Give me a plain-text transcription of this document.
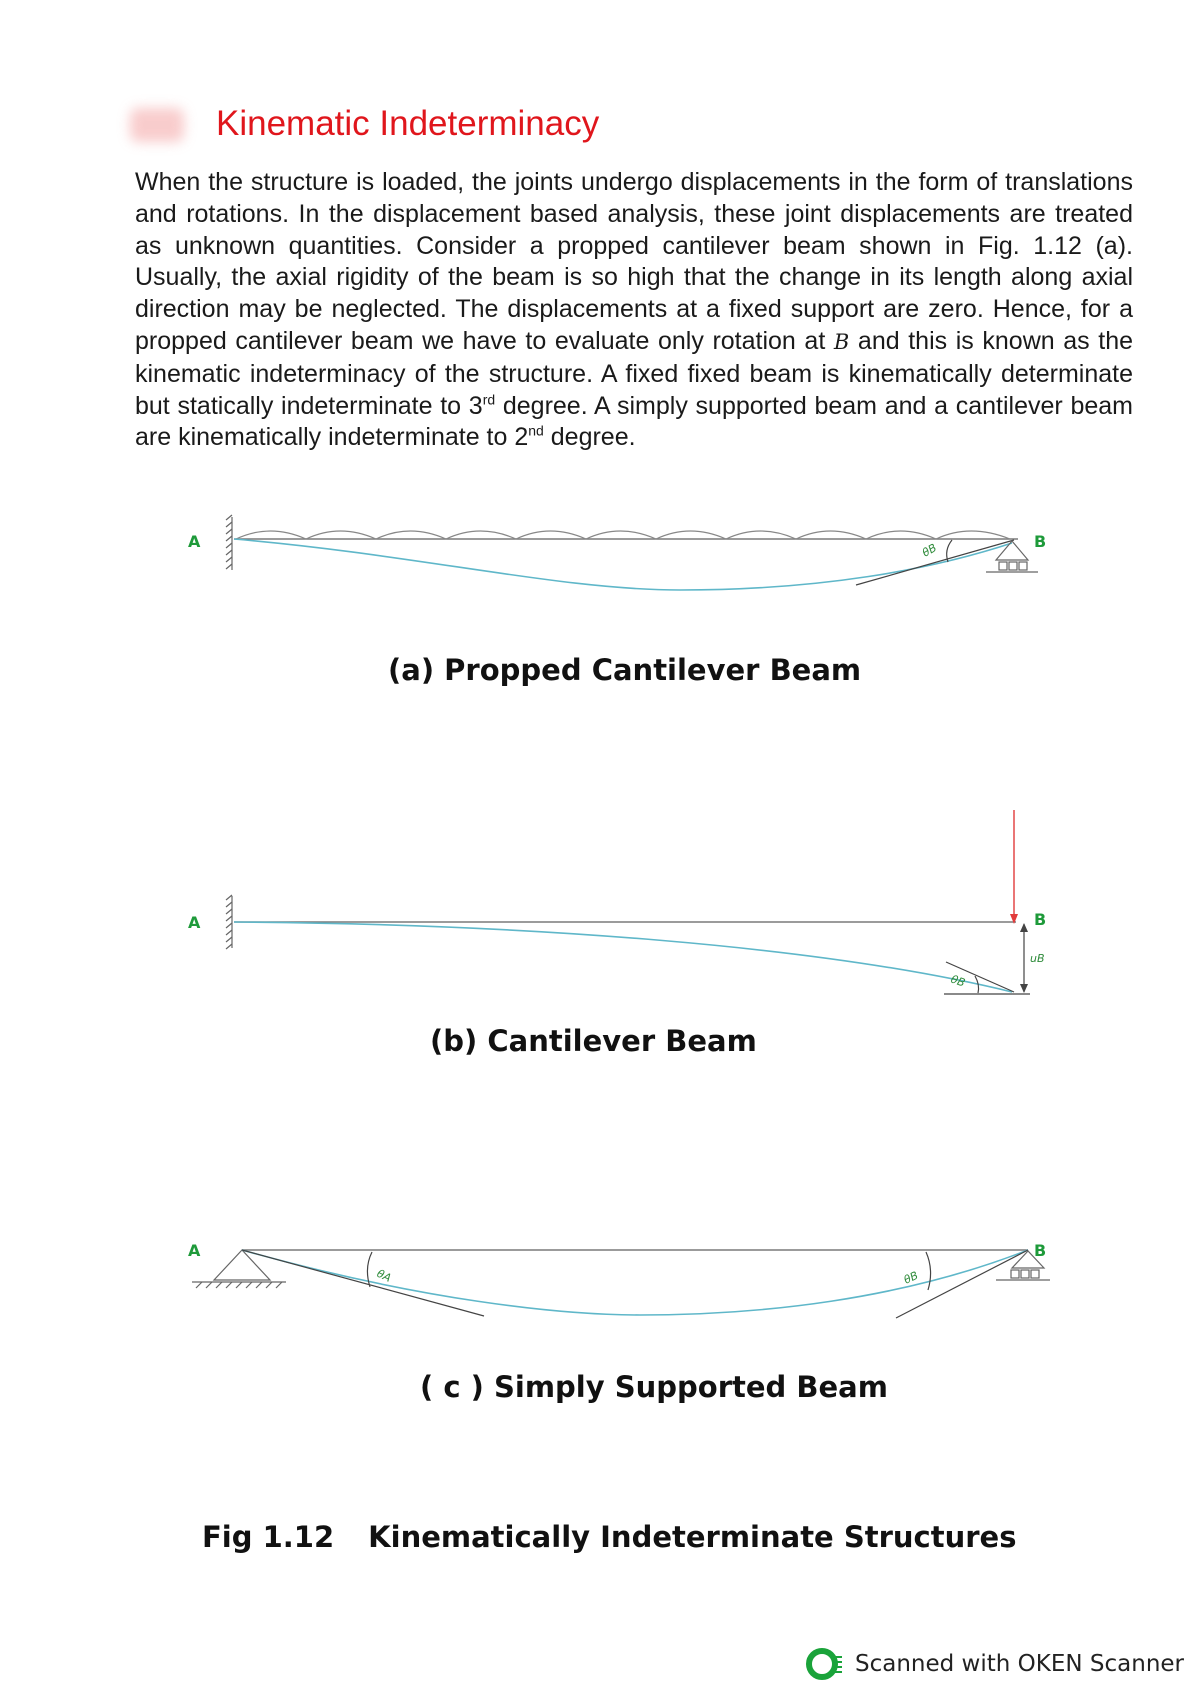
Kinematic Indeterminacy

When the structure is loaded, the joints undergo displacements in the form of translations and rotations. In the displacement based analysis, these joint displacements are treated as unknown quantities. Consider a propped cantilever beam shown in Fig. 1.12 (a). Usually, the axial rigidity of the beam is so high that the change in its length along axial direction may be neglected. The displacements at a fixed support are zero. Hence, for a propped cantilever beam we have to evaluate only rotation at B and this is known as the kinematic indeterminacy of the structure. A fixed fixed beam is kinematically determinate but statically indeterminate to 3rd degree. A simply supported beam and a cantilever beam are kinematically indeterminate to 2nd degree.

A	θB	B
(a) Propped Cantilever Beam
A
θB
uB
B
(b) Cantilever Beam
A
θA	θB
B
( c ) Simply Supported Beam
Fig 1.12 Kinematically Indeterminate Structures
Scanned with OKEN Scanner
